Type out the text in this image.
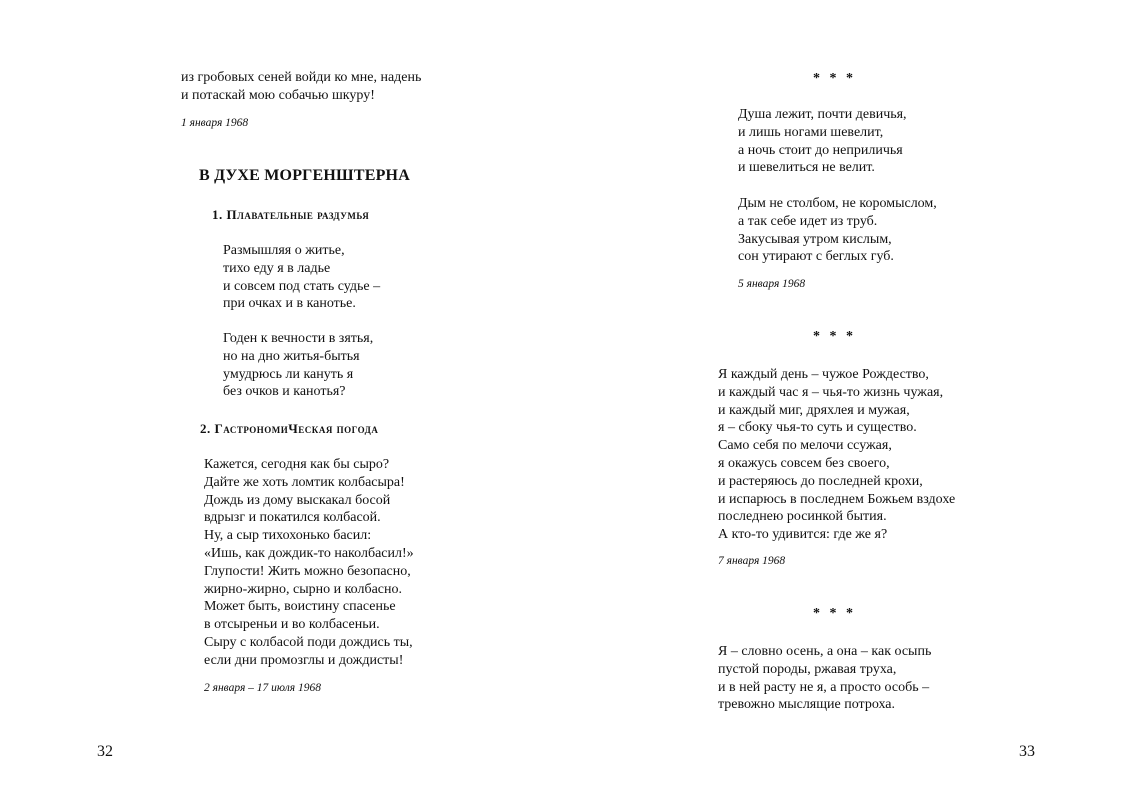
из гробовых сеней войди ко мне, надень
и потаскай мою собачью шкуру!

1 января 1968

В ДУХЕ МОРГЕНШТЕРНА

1. Плавательные раздумья

Размышляя о житье,
тихо еду я в ладье
и совсем под стать судье –
при очках и в канотье.
Годен к вечности в зятья,
но на дно житья-бытья
умудрюсь ли кануть я
без очков и канотья?

2. ГастрономиЧеская погода

Кажется, сегодня как бы сыро?
Дайте же хоть ломтик колбасыра!
Дождь из дому выскакал босой
вдрызг и покатился колбасой.
Ну, а сыр тихохонько басил:
«Ишь, как дождик-то наколбасил!»
Глупости! Жить можно безопасно,
жирно-жирно, сырно и колбасно.
Может быть, воистину спасенье
в отсыреньи и во колбасеньи.
Сыру с колбасой поди дождись ты,
если дни промозглы и дождисты!

2 января – 17 июля 1968

32

* * *

Душа лежит, почти девичья,
и лишь ногами шевелит,
а ночь стоит до неприличья
и шевелиться не велит.
Дым не столбом, не коромыслом,
а так себе идет из труб.
Закусывая утром кислым,
сон утирают с беглых губ.

5 января 1968

* * *

Я каждый день – чужое Рождество,
и каждый час я – чья-то жизнь чужая,
и каждый миг, дряхлея и мужая,
я – сбоку чья-то суть и существо.
Само себя по мелочи ссужая,
я окажусь совсем без своего,
и растеряюсь до последней крохи,
и испарюсь в последнем Божьем вздохе
последнею росинкой бытия.
А кто-то удивится: где же я?

7 января 1968

* * *

Я – словно осень, а она – как осыпь
пустой породы, ржавая труха,
и в ней расту не я, а просто особь –
тревожно мыслящие потроха.

33
